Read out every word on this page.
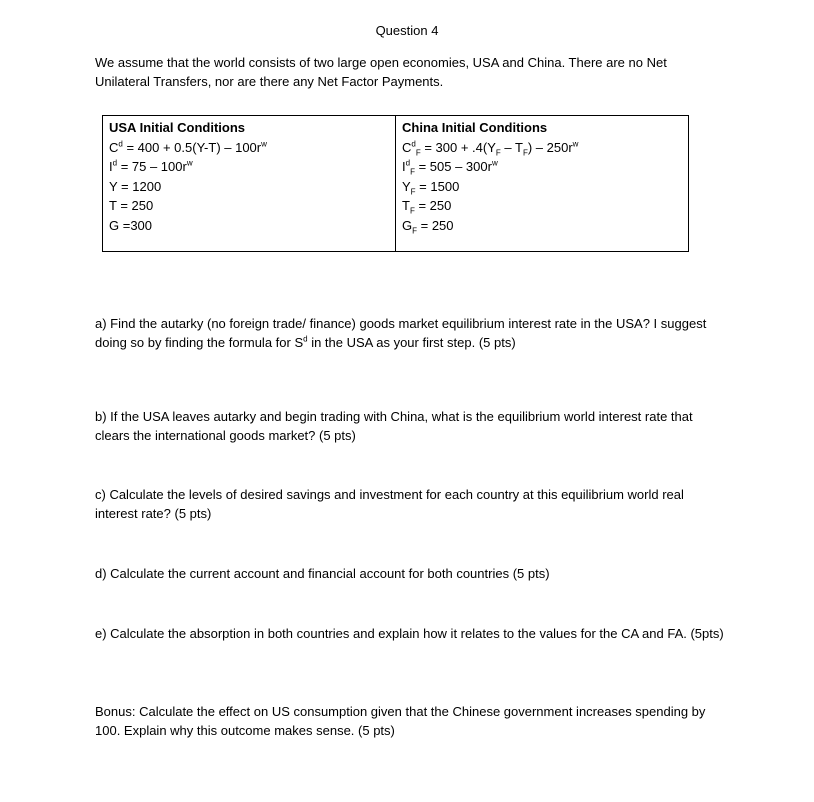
Question 4
We assume that the world consists of two large open economies, USA and China. There are no Net Unilateral Transfers, nor are there any Net Factor Payments.
USA Initial Conditions
$C^d = 400 + 0.5(Y-T) - 100r^w$
$I^d = 75 - 100r^w$
Y = 1200
T = 250
G =300

China Initial Conditions
$C^d_F = 300 + .4(Y_F - T_F) - 250r^w$
$I^d_F = 505 - 300r^w$
$Y_F = 1500$
$T_F = 250$
$G_F = 250$
a) Find the autarky (no foreign trade/ finance) goods market equilibrium interest rate in the USA? I suggest doing so by finding the formula for $S^d$ in the USA as your first step. (5 pts)
b) If the USA leaves autarky and begin trading with China, what is the equilibrium world interest rate that clears the international goods market? (5 pts)
c) Calculate the levels of desired savings and investment for each country at this equilibrium world real interest rate? (5 pts)
d) Calculate the current account and financial account for both countries (5 pts)
e) Calculate the absorption in both countries and explain how it relates to the values for the CA and FA. (5pts)
Bonus: Calculate the effect on US consumption given that the Chinese government increases spending by 100. Explain why this outcome makes sense. (5 pts)
